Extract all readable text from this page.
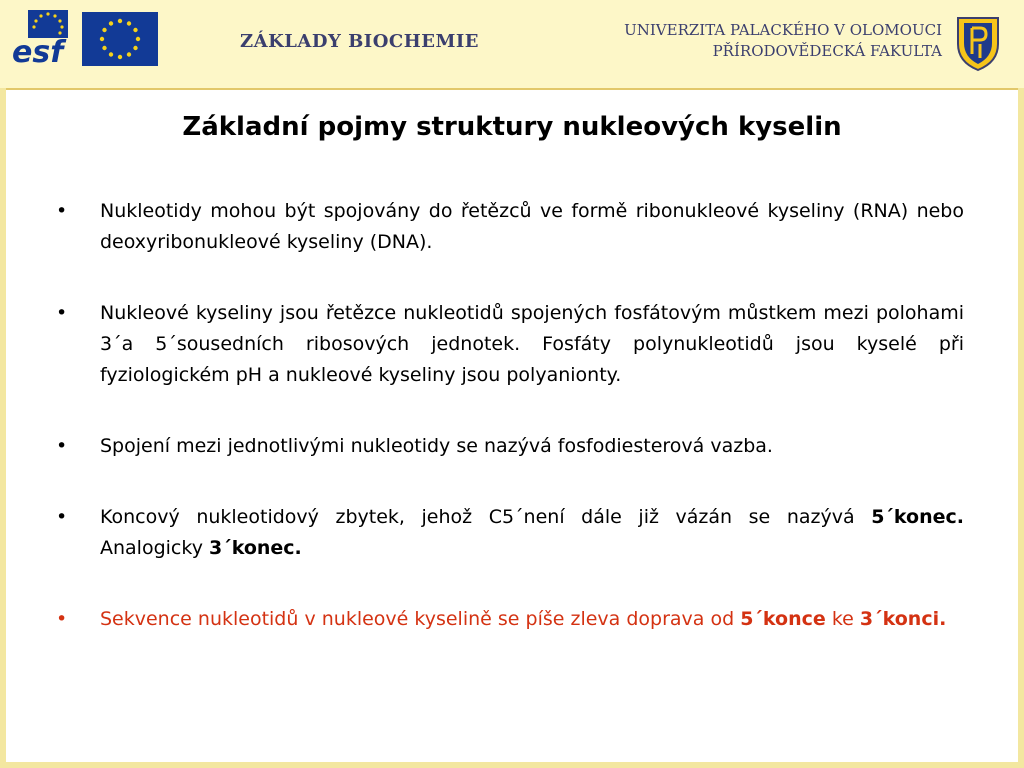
esf	ZÁKLADY BIOCHEMIE
UNIVERZITA PALACKÉHO V OLOMOUCI
PŘÍRODOVĚDECKÁ FAKULTA
Základní pojmy struktury nukleových kyselin
• Nukleotidy mohou být spojovány do řetězců ve formě ribonukleové kyseliny (RNA) nebo deoxyribonukleové kyseliny (DNA).
• Nukleové kyseliny jsou řetězce nukleotidů spojených fosfátovým můstkem mezi polohami 3´a 5´sousedních ribosových jednotek. Fosfáty polynukleotidů jsou kyselé při fyziologickém pH a nukleové kyseliny jsou polyanionty.
• Spojení mezi jednotlivými nukleotidy se nazývá fosfodiesterová vazba.
• Koncový nukleotidový zbytek, jehož C5´není dále již vázán se nazývá 5´konec. Analogicky 3´konec.
• Sekvence nukleotidů v nukleové kyselině se píše zleva doprava od 5´konce ke 3´konci.
